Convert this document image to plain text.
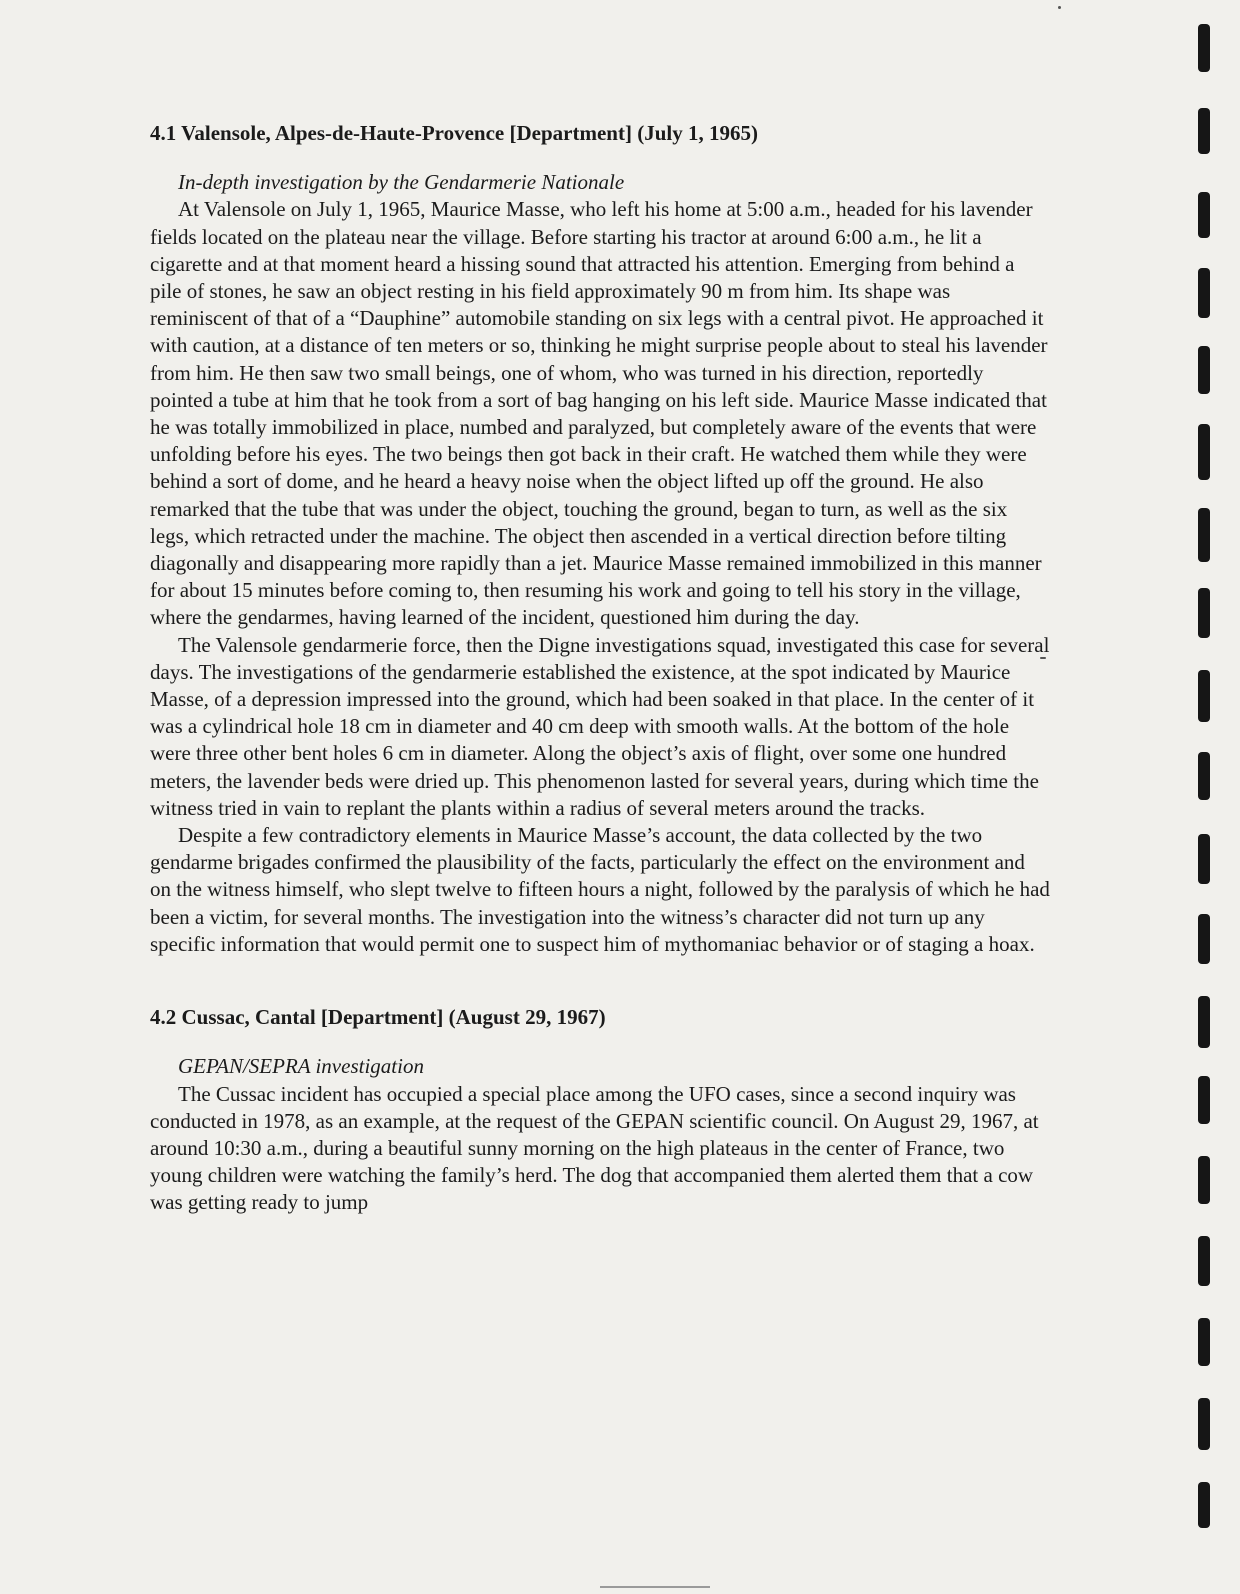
4.1 Valensole, Alpes-de-Haute-Provence [Department] (July 1, 1965)
In-depth investigation by the Gendarmerie Nationale

At Valensole on July 1, 1965, Maurice Masse, who left his home at 5:00 a.m., headed for his lavender fields located on the plateau near the village. Before starting his tractor at around 6:00 a.m., he lit a cigarette and at that moment heard a hissing sound that attracted his attention. Emerging from behind a pile of stones, he saw an object resting in his field approximately 90 m from him. Its shape was reminiscent of that of a “Dauphine” automobile standing on six legs with a central pivot. He approached it with caution, at a distance of ten meters or so, thinking he might surprise people about to steal his lavender from him. He then saw two small beings, one of whom, who was turned in his direction, reportedly pointed a tube at him that he took from a sort of bag hanging on his left side. Maurice Masse indicated that he was totally immobilized in place, numbed and paralyzed, but completely aware of the events that were unfolding before his eyes. The two beings then got back in their craft. He watched them while they were behind a sort of dome, and he heard a heavy noise when the object lifted up off the ground. He also remarked that the tube that was under the object, touching the ground, began to turn, as well as the six legs, which retracted under the machine. The object then ascended in a vertical direction before tilting diagonally and disappearing more rapidly than a jet. Maurice Masse remained immobilized in this manner for about 15 minutes before coming to, then resuming his work and going to tell his story in the village, where the gendarmes, having learned of the incident, questioned him during the day.

The Valensole gendarmerie force, then the Digne investigations squad, investigated this case for several days. The investigations of the gendarmerie established the existence, at the spot indicated by Maurice Masse, of a depression impressed into the ground, which had been soaked in that place. In the center of it was a cylindrical hole 18 cm in diameter and 40 cm deep with smooth walls. At the bottom of the hole were three other bent holes 6 cm in diameter. Along the object’s axis of flight, over some one hundred meters, the lavender beds were dried up. This phenomenon lasted for several years, during which time the witness tried in vain to replant the plants within a radius of several meters around the tracks.

Despite a few contradictory elements in Maurice Masse’s account, the data collected by the two gendarme brigades confirmed the plausibility of the facts, particularly the effect on the environment and on the witness himself, who slept twelve to fifteen hours a night, followed by the paralysis of which he had been a victim, for several months. The investigation into the witness’s character did not turn up any specific information that would permit one to suspect him of mythomaniac behavior or of staging a hoax.

4.2 Cussac, Cantal [Department] (August 29, 1967)
GEPAN/SEPRA investigation

The Cussac incident has occupied a special place among the UFO cases, since a second inquiry was conducted in 1978, as an example, at the request of the GEPAN scientific council. On August 29, 1967, at around 10:30 a.m., during a beautiful sunny morning on the high plateaus in the center of France, two young children were watching the family’s herd. The dog that accompanied them alerted them that a cow was getting ready to jump
